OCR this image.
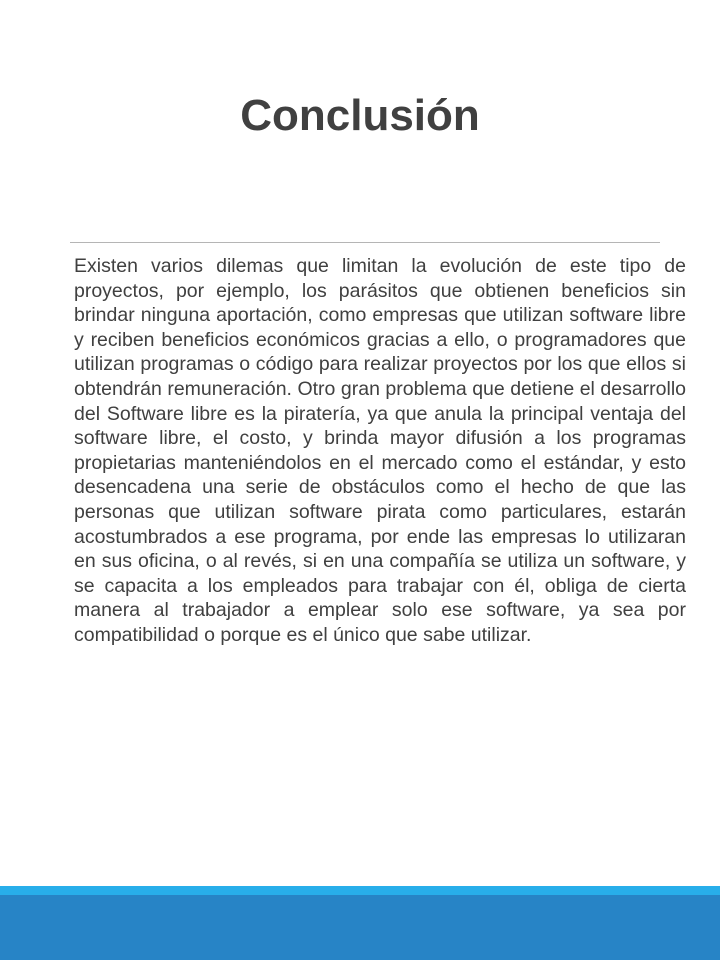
Conclusión

Existen varios dilemas que limitan la evolución de este tipo de proyectos, por ejemplo, los parásitos que obtienen beneficios sin brindar ninguna aportación, como empresas que utilizan software libre y reciben beneficios económicos gracias a ello, o programadores que utilizan programas o código para realizar proyectos por los que ellos si obtendrán remuneración. Otro gran problema que detiene el desarrollo del Software libre es la piratería, ya que anula la principal ventaja del software libre, el costo, y brinda mayor difusión a los programas propietarias manteniéndolos en el mercado como el estándar, y esto desencadena una serie de obstáculos como el hecho de que las personas que utilizan software pirata como particulares, estarán acostumbrados a ese programa, por ende las empresas lo utilizaran en sus oficina, o al revés, si en una compañía se utiliza un software, y se capacita a los empleados para trabajar con él, obliga de cierta manera al trabajador a emplear solo ese software, ya sea por compatibilidad o porque es el único que sabe utilizar.
